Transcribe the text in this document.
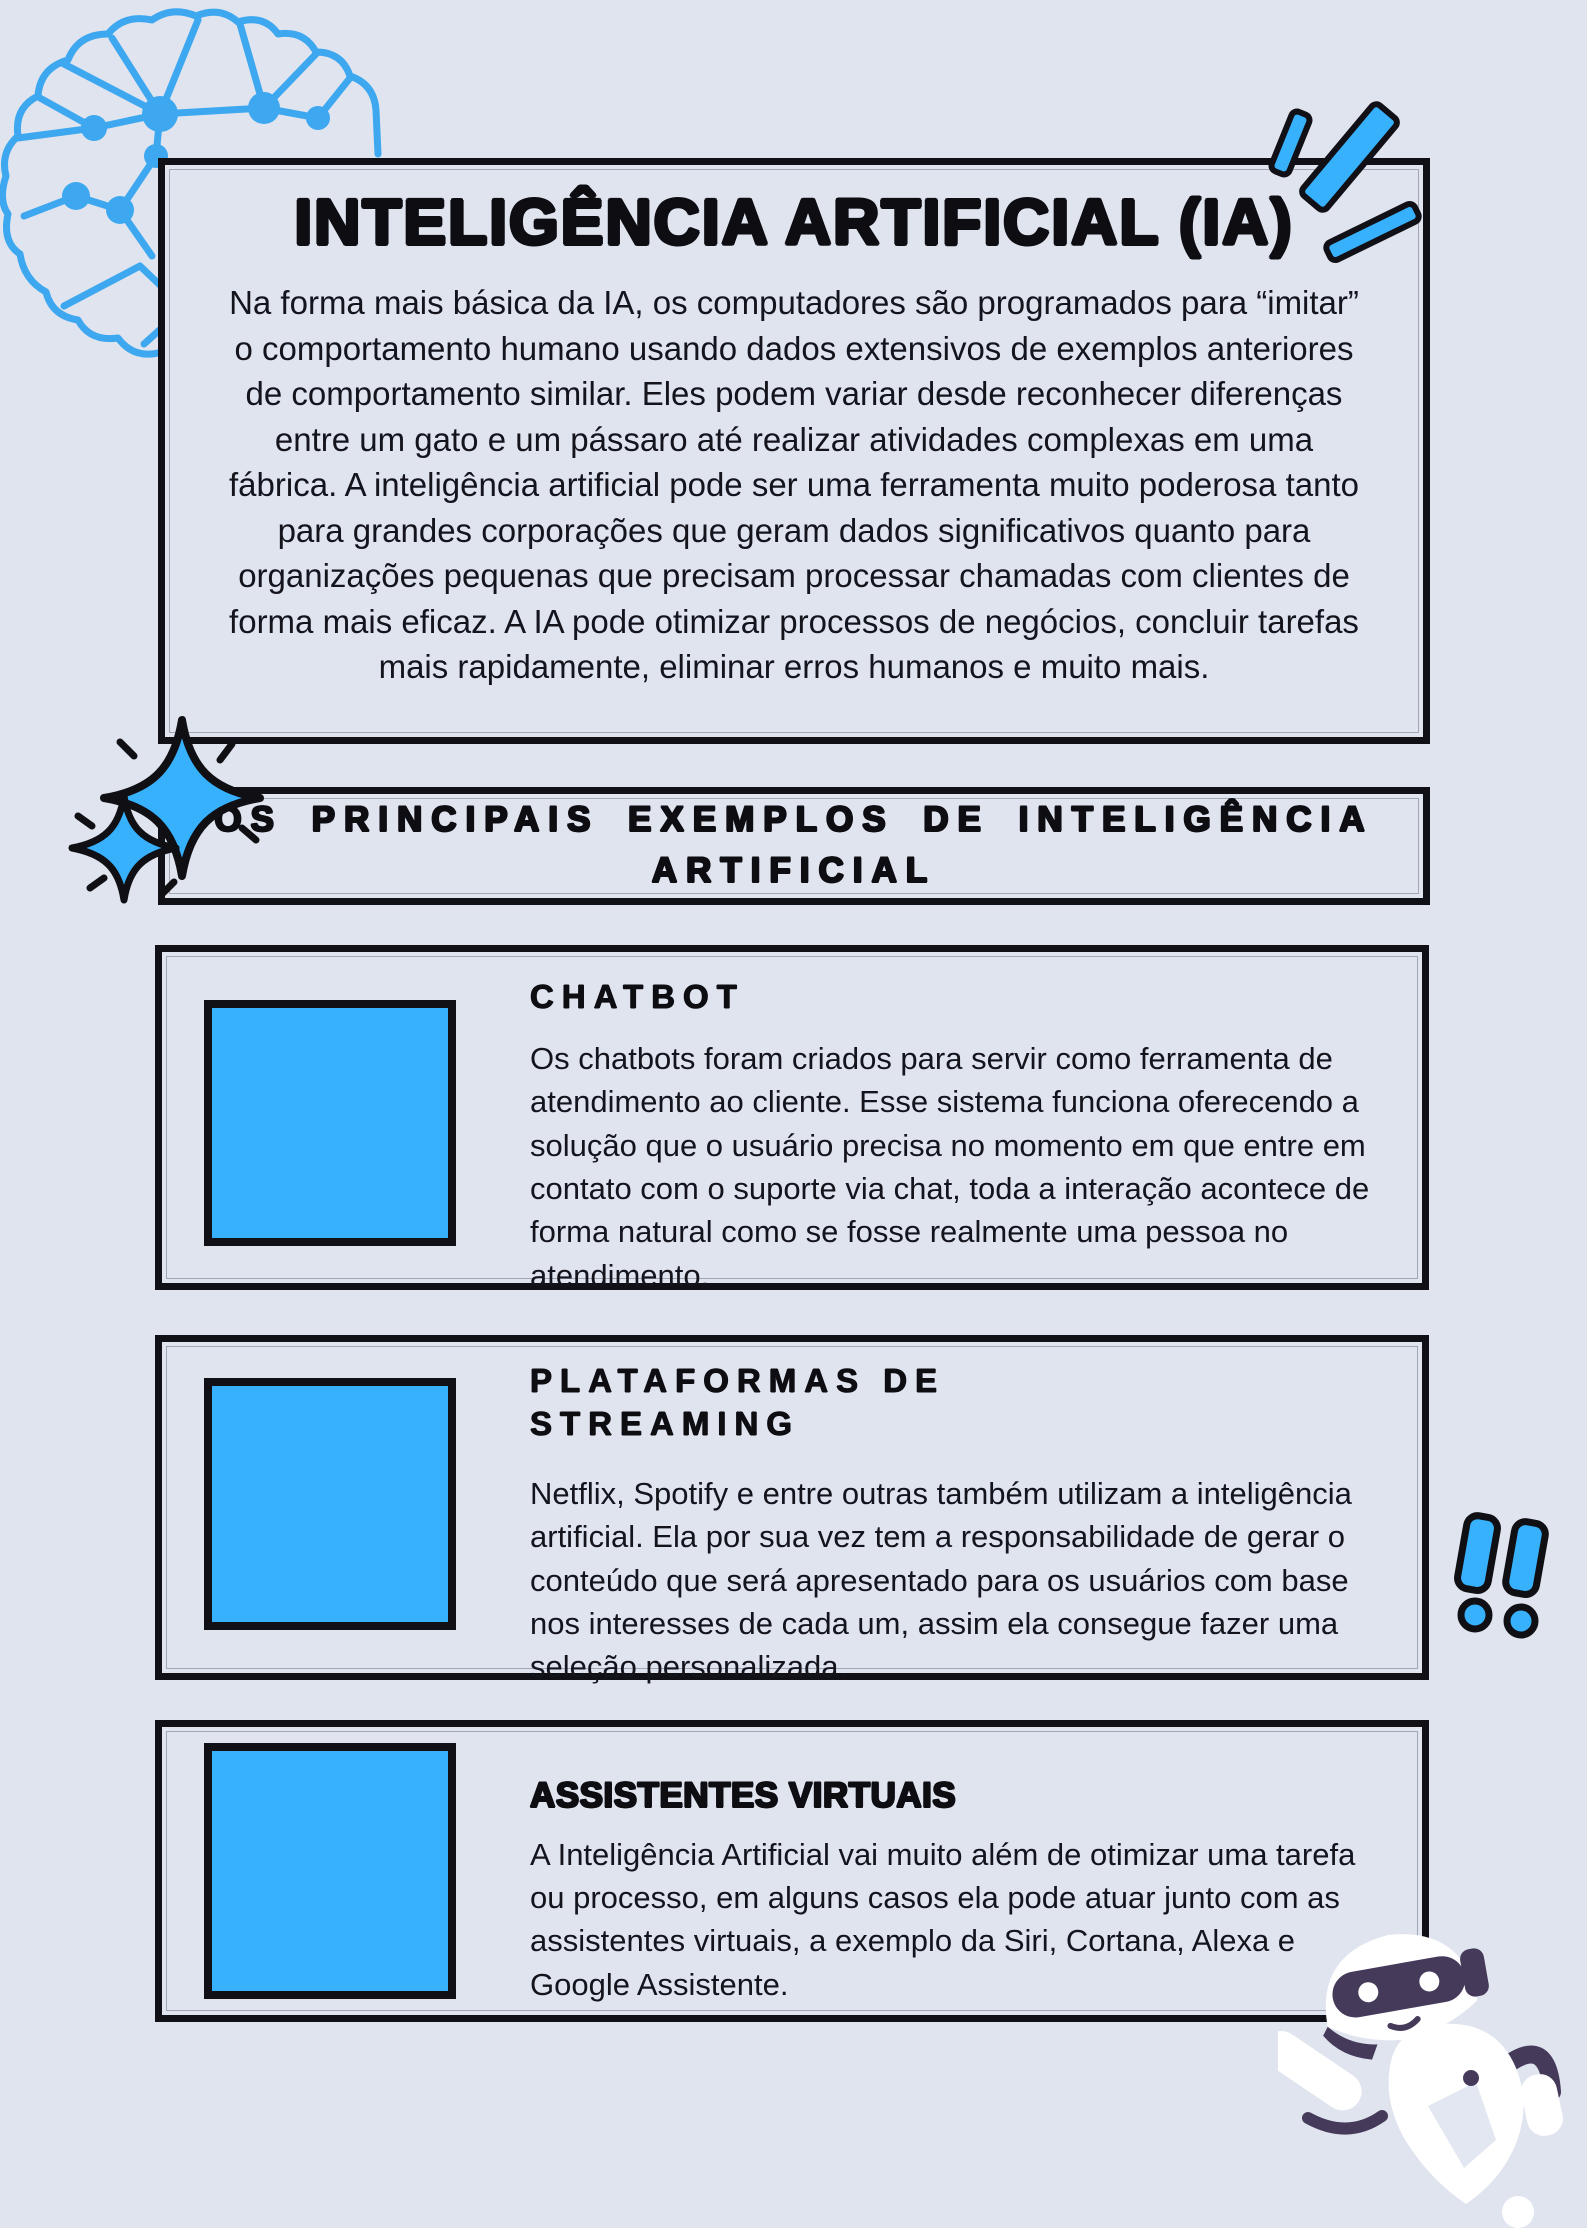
INTELIGÊNCIA ARTIFICIAL (IA)

Na forma mais básica da IA, os computadores são programados para “imitar” o comportamento humano usando dados extensivos de exemplos anteriores de comportamento similar. Eles podem variar desde reconhecer diferenças entre um gato e um pássaro até realizar atividades complexas em uma fábrica. A inteligência artificial pode ser uma ferramenta muito poderosa tanto para grandes corporações que geram dados significativos quanto para organizações pequenas que precisam processar chamadas com clientes de forma mais eficaz. A IA pode otimizar processos de negócios, concluir tarefas mais rapidamente, eliminar erros humanos e muito mais.

OS PRINCIPAIS EXEMPLOS DE INTELIGÊNCIA ARTIFICIAL
CHATBOT

Os chatbots foram criados para servir como ferramenta de atendimento ao cliente. Esse sistema funciona oferecendo a solução que o usuário precisa no momento em que entre em contato com o suporte via chat, toda a interação acontece de forma natural como se fosse realmente uma pessoa no atendimento.

PLATAFORMAS DE STREAMING

Netflix, Spotify e entre outras também utilizam a inteligência artificial. Ela por sua vez tem a responsabilidade de gerar o conteúdo que será apresentado para os usuários com base nos interesses de cada um, assim ela consegue fazer uma seleção personalizada.

ASSISTENTES VIRTUAIS

A Inteligência Artificial vai muito além de otimizar uma tarefa ou processo, em alguns casos ela pode atuar junto com as assistentes virtuais, a exemplo da Siri, Cortana, Alexa e Google Assistente.
